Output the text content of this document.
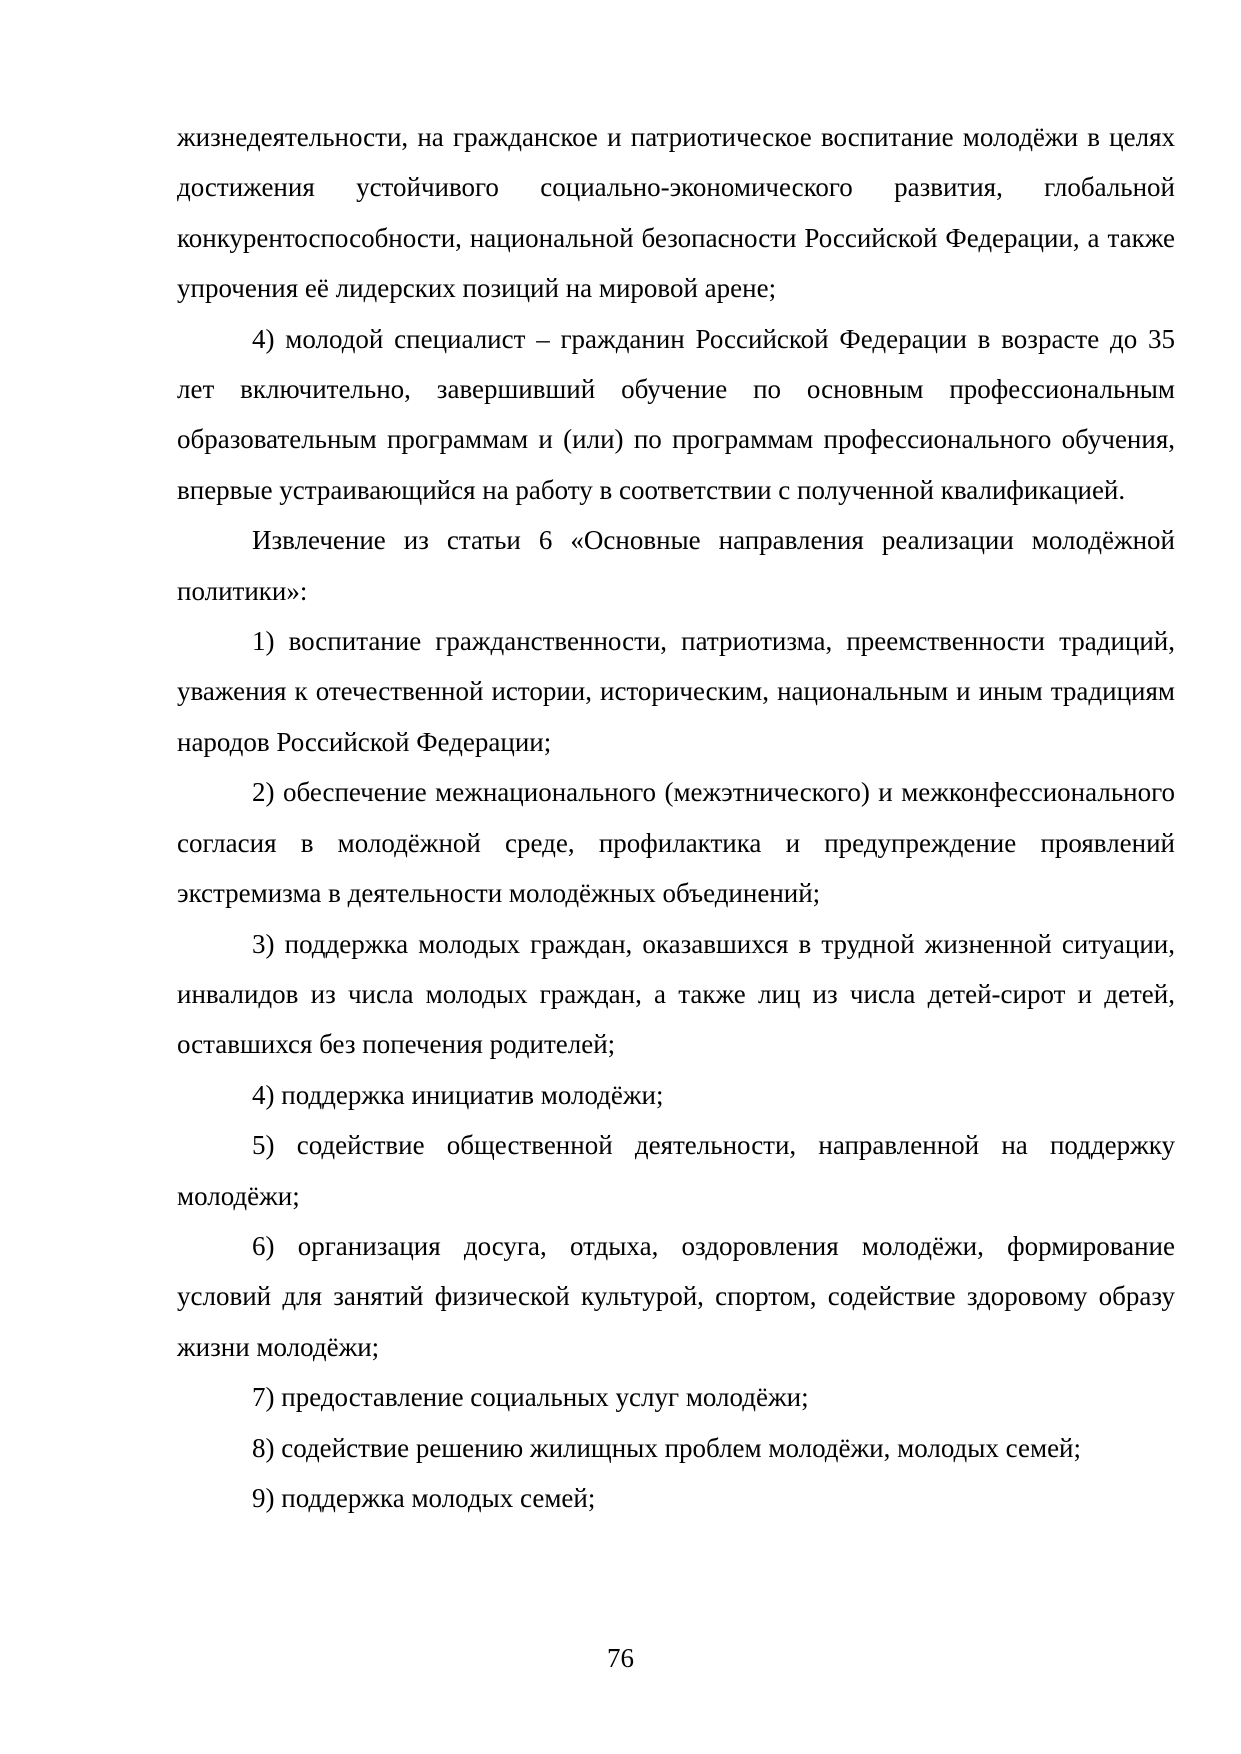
жизнедеятельности, на гражданское и патриотическое воспитание молодёжи в целях достижения устойчивого социально-экономического развития, глобальной конкурентоспособности, национальной безопасности Российской Федерации, а также упрочения её лидерских позиций на мировой арене;

4) молодой специалист – гражданин Российской Федерации в возрасте до 35 лет включительно, завершивший обучение по основным профессиональным образовательным программам и (или) по программам профессионального обучения, впервые устраивающийся на работу в соответствии с полученной квалификацией.

Извлечение из статьи 6 «Основные направления реализации молодёжной политики»:

1) воспитание гражданственности, патриотизма, преемственности традиций, уважения к отечественной истории, историческим, национальным и иным традициям народов Российской Федерации;

2) обеспечение межнационального (межэтнического) и межконфессионального согласия в молодёжной среде, профилактика и предупреждение проявлений экстремизма в деятельности молодёжных объединений;

3) поддержка молодых граждан, оказавшихся в трудной жизненной ситуации, инвалидов из числа молодых граждан, а также лиц из числа детей-сирот и детей, оставшихся без попечения родителей;

4) поддержка инициатив молодёжи;

5) содействие общественной деятельности, направленной на поддержку молодёжи;

6) организация досуга, отдыха, оздоровления молодёжи, формирование условий для занятий физической культурой, спортом, содействие здоровому образу жизни молодёжи;

7) предоставление социальных услуг молодёжи;

8) содействие решению жилищных проблем молодёжи, молодых семей;

9) поддержка молодых семей;

76
